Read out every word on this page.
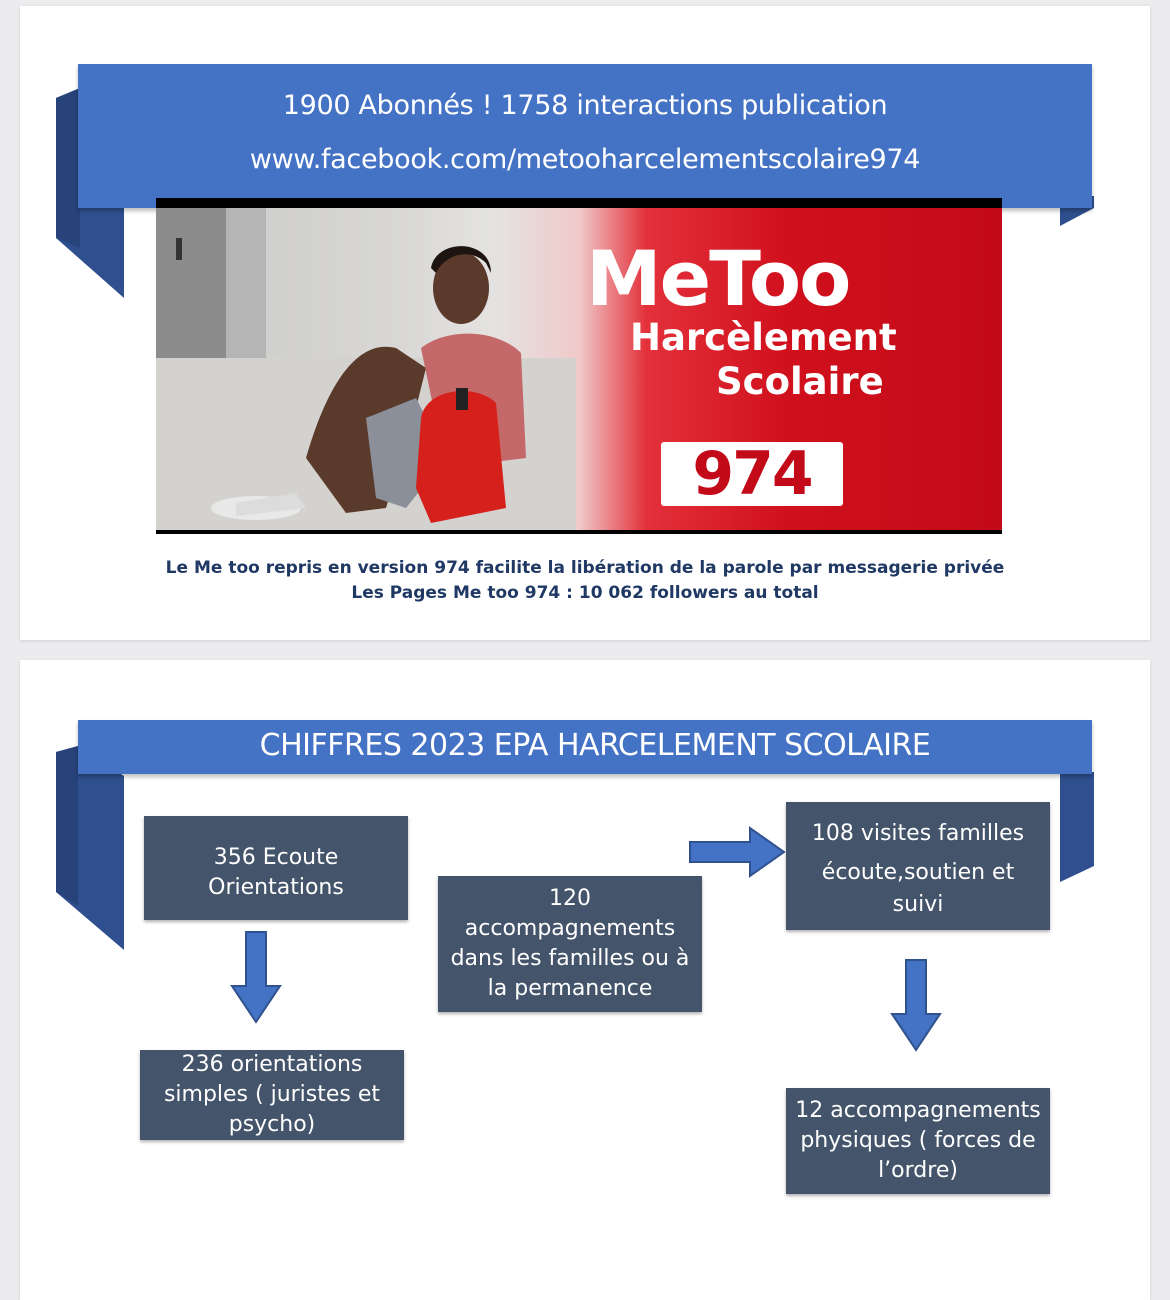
1900 Abonnés ! 1758 interactions publication
www.facebook.com/metooharcelementscolaire974
MeToo
Harcèlement
Scolaire
974
Le Me too repris en version 974 facilite la libération de la parole par messagerie privée
Les Pages Me too 974 : 10 062 followers au total
CHIFFRES 2023 EPA HARCELEMENT SCOLAIRE
356 Ecoute
Orientations
236 orientations
simples ( juristes et
psycho)
120
accompagnements
dans les familles ou à
la permanence
108 visites familles
écoute,soutien et
suivi
12 accompagnements
physiques ( forces de
l’ordre)
